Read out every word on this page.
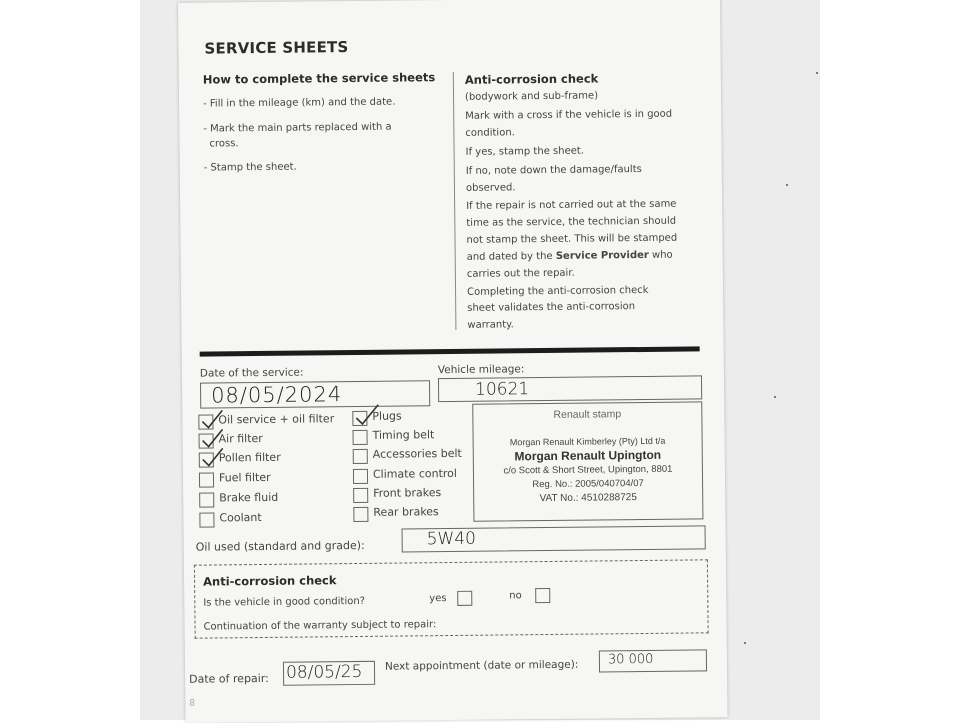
SERVICE SHEETS
How to complete the service sheets
- Fill in the mileage (km) and the date.
- Mark the main parts replaced with a
cross.
- Stamp the sheet.
Anti-corrosion check
(bodywork and sub-frame)
Mark with a cross if the vehicle is in good
condition.
If yes, stamp the sheet.
If no, note down the damage/faults
observed.
If the repair is not carried out at the same
time as the service, the technician should
not stamp the sheet. This will be stamped
and dated by the Service Provider who
carries out the repair.
Completing the anti-corrosion check
sheet validates the anti-corrosion
warranty.
Date of the service:
08/05/2024
Vehicle mileage:
10621
Oil service + oil filter
Air filter
Pollen filter
Fuel filter
Brake fluid
Coolant
Plugs
Timing belt
Accessories belt
Climate control
Front brakes
Rear brakes
Renault stamp
Morgan Renault Kimberley (Pty) Ltd t/a
Morgan Renault Upington
c/o Scott & Short Street, Upington, 8801
Reg. No.: 2005/040704/07
VAT No.: 4510288725
Oil used (standard and grade):	5W40
Anti-corrosion check
Is the vehicle in good condition?	yes	no
Continuation of the warranty subject to repair:
Date of repair: 08/05/25 Next appointment (date or mileage): 30 000
8
